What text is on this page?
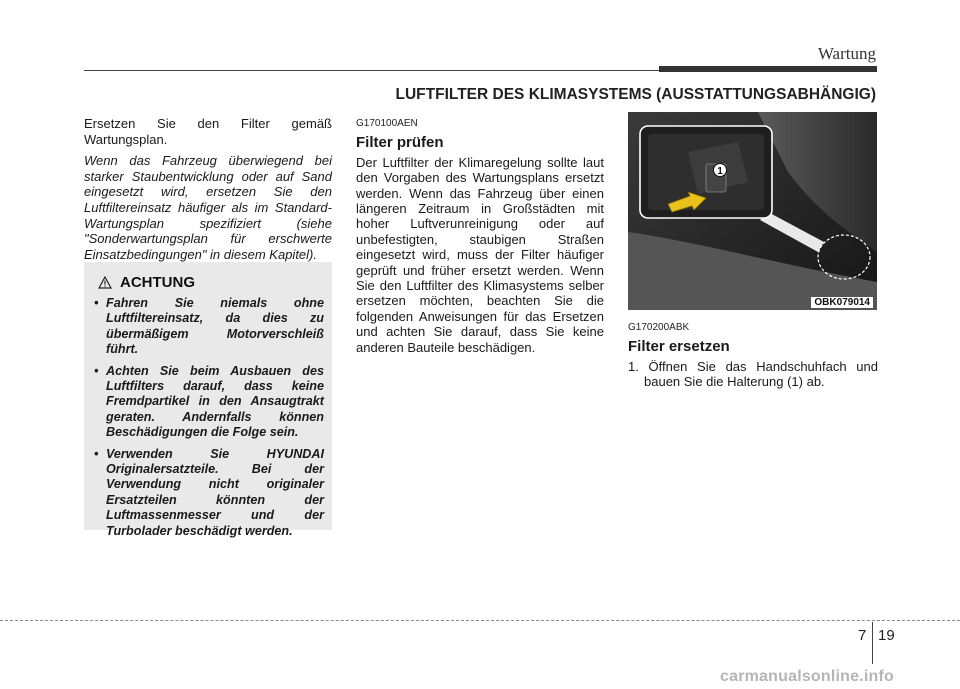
Wartung
LUFTFILTER DES KLIMASYSTEMS (AUSSTATTUNGSABHÄNGIG)

Ersetzen Sie den Filter gemäß Wartungsplan.

Wenn das Fahrzeug überwiegend bei starker Staubentwicklung oder auf Sand eingesetzt wird, ersetzen Sie den Luftfiltereinsatz häufiger als im Standard-Wartungsplan spezifiziert (siehe "Sonderwartungsplan für erschwerte Einsatzbedingungen" in diesem Kapitel).

ACHTUNG
• Fahren Sie niemals ohne Luftfiltereinsatz, da dies zu übermäßigem Motorverschleiß führt.
• Achten Sie beim Ausbauen des Luftfilters darauf, dass keine Fremdpartikel in den Ansaugtrakt geraten. Andernfalls können Beschädigungen die Folge sein.
• Verwenden Sie HYUNDAI Originalersatzteile. Bei der Verwendung nicht originaler Ersatzteilen könnten der Luftmassenmesser und der Turbolader beschädigt werden.

G170100AEN

Filter prüfen

Der Luftfilter der Klimaregelung sollte laut den Vorgaben des Wartungsplans ersetzt werden. Wenn das Fahrzeug über einen längeren Zeitraum in Großstädten mit hoher Luftverunreinigung oder auf unbefestigten, staubigen Straßen eingesetzt wird, muss der Filter häufiger geprüft und früher ersetzt werden. Wenn Sie den Luftfilter des Klimasystems selber ersetzen möchten, beachten Sie die folgenden Anweisungen für das Ersetzen und achten Sie darauf, dass Sie keine anderen Bauteile beschädigen.

1
OBK079014

G170200ABK

Filter ersetzen

1. Öffnen Sie das Handschuhfach und bauen Sie die Halterung (1) ab.

7 19
carmanualsonline.info
